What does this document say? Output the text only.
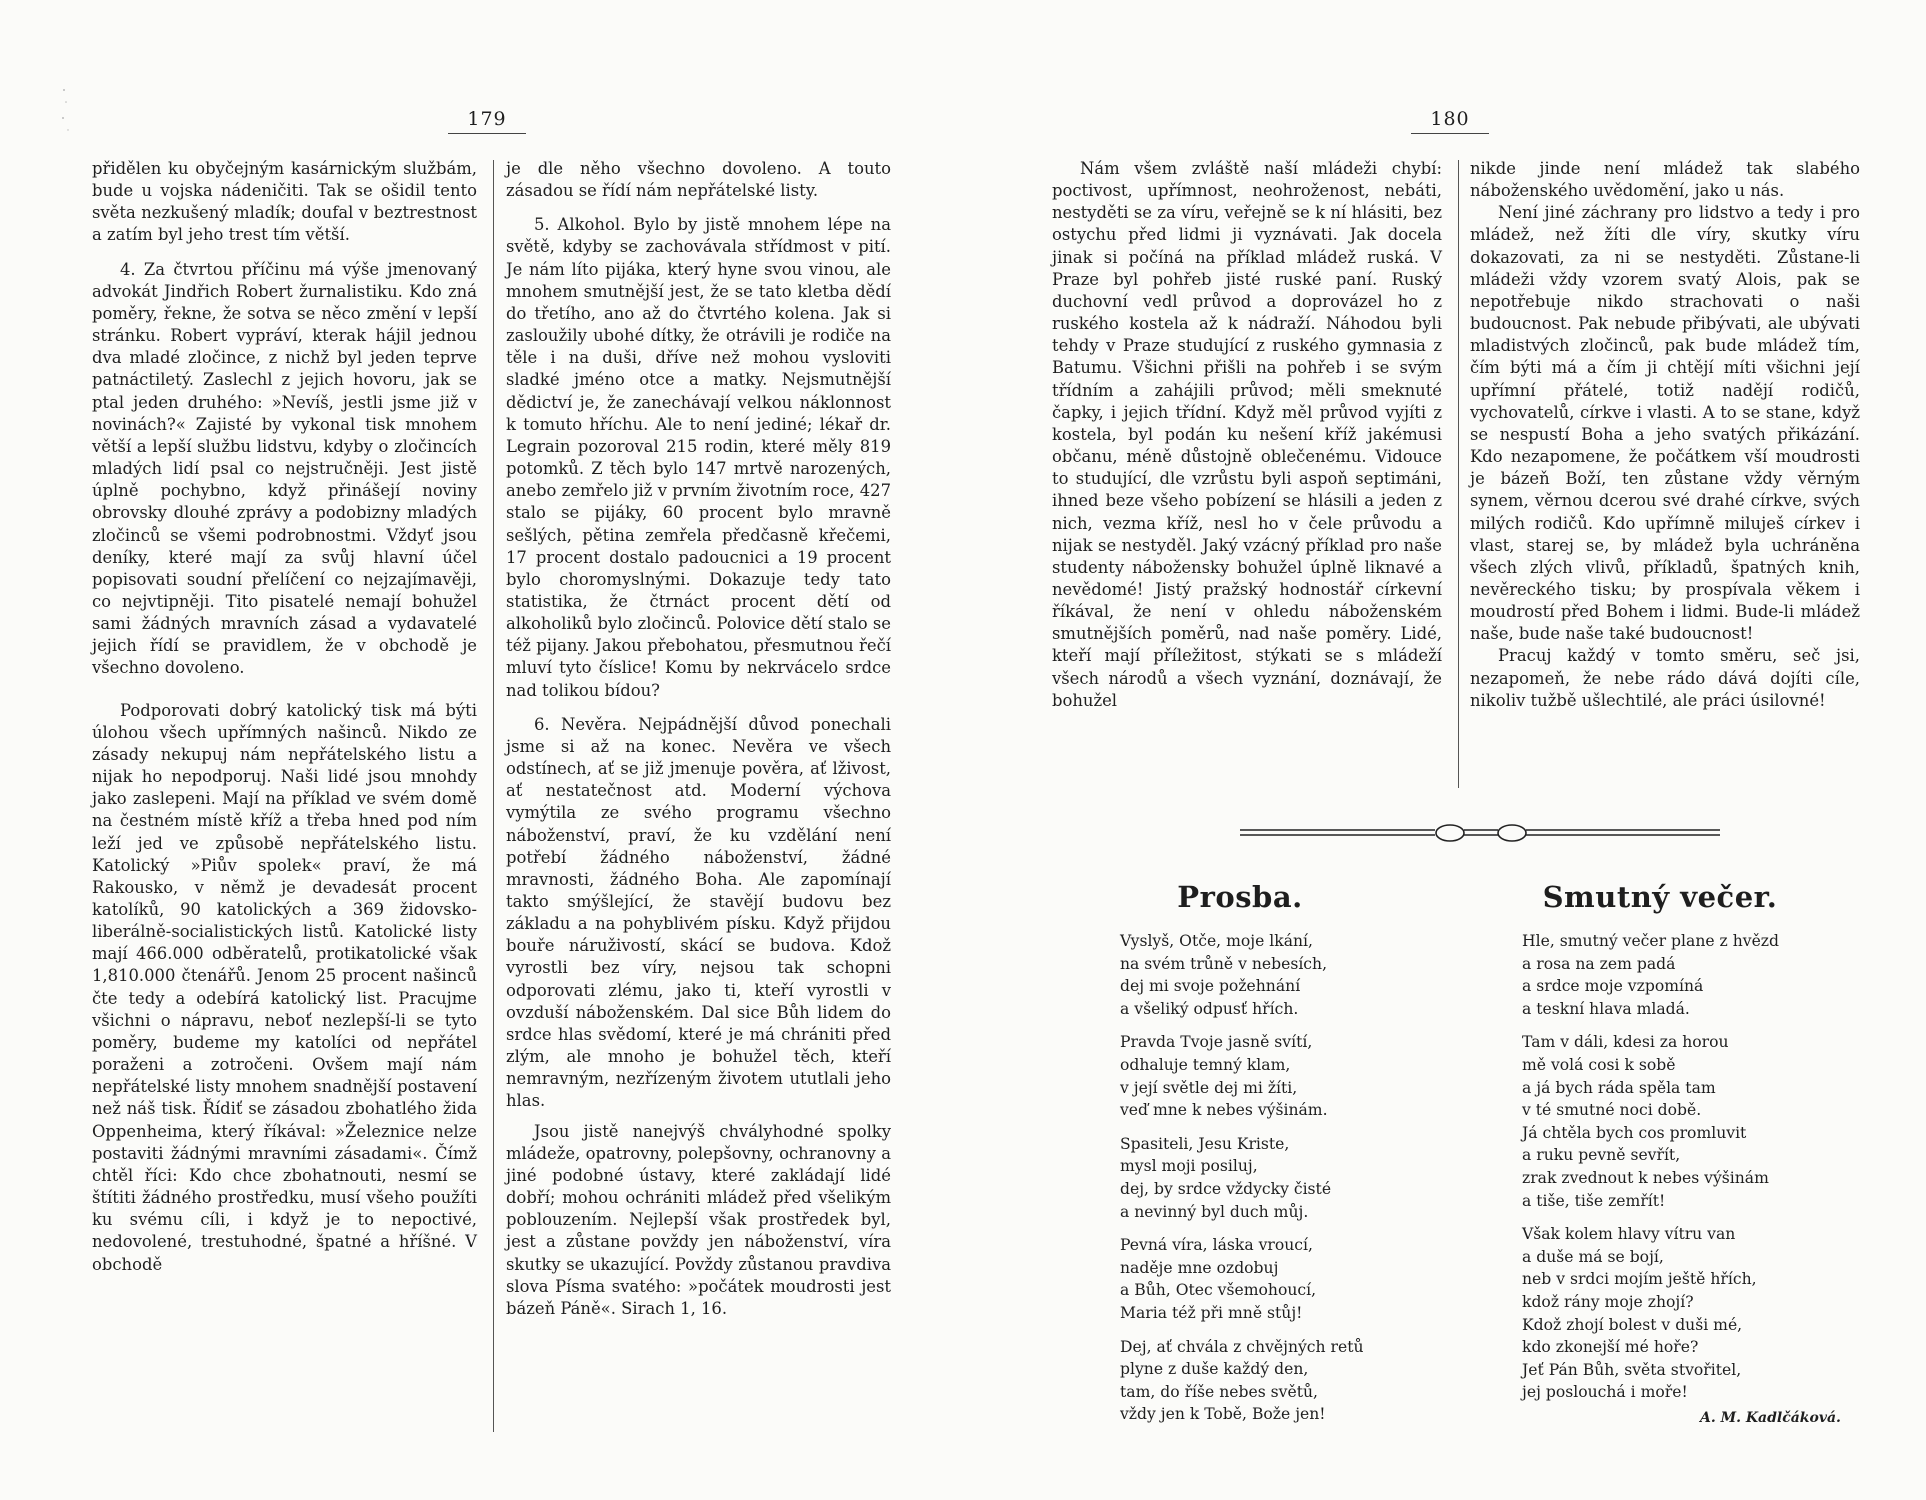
179

přidělen ku obyčejným kasárnickým službám, bude u vojska nádeničiti. Tak se ošidil tento světa nezkušený mladík; doufal v beztrestnost a zatím byl jeho trest tím větší.

4. Za čtvrtou příčinu má výše jmenovaný advokát Jindřich Robert žurnalistiku. Kdo zná poměry, řekne, že sotva se něco změní v lepší stránku. Robert vypráví, kterak hájil jednou dva mladé zločince, z nichž byl jeden teprve patnáctiletý. Zaslechl z jejich hovoru, jak se ptal jeden druhého: »Nevíš, jestli jsme již v novinách?« Zajisté by vykonal tisk mnohem větší a lepší službu lidstvu, kdyby o zločincích mladých lidí psal co nejstručněji. Jest jistě úplně pochybno, když přinášejí noviny obrovsky dlouhé zprávy a podobizny mladých zločinců se všemi podrobnostmi. Vždyť jsou deníky, které mají za svůj hlavní účel popisovati soudní přelíčení co nejzajímavěji, co nejvtipněji. Tito pisatelé nemají bohužel sami žádných mravních zásad a vydavatelé jejich řídí se pravidlem, že v obchodě je všechno dovoleno.

Podporovati dobrý katolický tisk má býti úlohou všech upřímných našinců. Nikdo ze zásady nekupuj nám nepřátelského listu a nijak ho nepodporuj. Naši lidé jsou mnohdy jako zaslepeni. Mají na příklad ve svém domě na čestném místě kříž a třeba hned pod ním leží jed ve způsobě nepřátelského listu. Katolický »Piův spolek« praví, že má Rakousko, v němž je devadesát procent katolíků, 90 katolických a 369 židovsko-liberálně-socialistických listů. Katolické listy mají 466.000 odběratelů, protikatolické však 1,810.000 čtenářů. Jenom 25 procent našinců čte tedy a odebírá katolický list. Pracujme všichni o nápravu, neboť nezlepší-li se tyto poměry, budeme my katolíci od nepřátel poraženi a zotročeni. Ovšem mají nám nepřátelské listy mnohem snadnější postavení než náš tisk. Řídiť se zásadou zbohatlého žida Oppenheima, který říkával: »Železnice nelze postaviti žádnými mravními zásadami«. Čímž chtěl říci: Kdo chce zbohatnouti, nesmí se štítiti žádného prostředku, musí všeho použíti ku svému cíli, i když je to nepoctivé, nedovolené, trestuhodné, špatné a hříšné. V obchodě

je dle něho všechno dovoleno. A touto zásadou se řídí nám nepřátelské listy.

5. Alkohol. Bylo by jistě mnohem lépe na světě, kdyby se zachovávala střídmost v pití. Je nám líto pijáka, který hyne svou vinou, ale mnohem smutnější jest, že se tato kletba dědí do třetího, ano až do čtvrtého kolena. Jak si zasloužily ubohé dítky, že otrávili je rodiče na těle i na duši, dříve než mohou vysloviti sladké jméno otce a matky. Nejsmutnější dědictví je, že zanechávají velkou náklonnost k tomuto hříchu. Ale to není jediné; lékař dr. Legrain pozoroval 215 rodin, které měly 819 potomků. Z těch bylo 147 mrtvě narozených, anebo zemřelo již v prvním životním roce, 427 stalo se pijáky, 60 procent bylo mravně sešlých, pětina zemřela předčasně křečemi, 17 procent dostalo padoucnici a 19 procent bylo choromyslnými. Dokazuje tedy tato statistika, že čtrnáct procent dětí od alkoholiků bylo zločinců. Polovice dětí stalo se též pijany. Jakou přebohatou, přesmutnou řečí mluví tyto číslice! Komu by nekrvácelo srdce nad tolikou bídou?

6. Nevěra. Nejpádnější důvod ponechali jsme si až na konec. Nevěra ve všech odstínech, ať se již jmenuje pověra, ať lživost, ať nestatečnost atd. Moderní výchova vymýtila ze svého programu všechno náboženství, praví, že ku vzdělání není potřebí žádného náboženství, žádné mravnosti, žádného Boha. Ale zapomínají takto smýšlející, že stavějí budovu bez základu a na pohyblivém písku. Když přijdou bouře náruživostí, skácí se budova. Kdož vyrostli bez víry, nejsou tak schopni odporovati zlému, jako ti, kteří vyrostli v ovzduší náboženském. Dal sice Bůh lidem do srdce hlas svědomí, které je má chrániti před zlým, ale mnoho je bohužel těch, kteří nemravným, nezřízeným životem ututlali jeho hlas.

Jsou jistě nanejvýš chvályhodné spolky mládeže, opatrovny, polepšovny, ochranovny a jiné podobné ústavy, které zakládají lidé dobří; mohou ochrániti mládež před všelikým poblouzením. Nejlepší však prostředek byl, jest a zůstane povždy jen náboženství, víra skutky se ukazující. Povždy zůstanou pravdiva slova Písma svatého: »počátek moudrosti jest bázeň Páně«. Sirach 1, 16.

180

Nám všem zvláště naší mládeži chybí: poctivost, upřímnost, neohroženost, nebáti, nestyděti se za víru, veřejně se k ní hlásiti, bez ostychu před lidmi ji vyznávati. Jak docela jinak si počíná na příklad mládež ruská. V Praze byl pohřeb jisté ruské paní. Ruský duchovní vedl průvod a doprovázel ho z ruského kostela až k nádraží. Náhodou byli tehdy v Praze studující z ruského gymnasia z Batumu. Všichni přišli na pohřeb i se svým třídním a zahájili průvod; měli smeknuté čapky, i jejich třídní. Když měl průvod vyjíti z kostela, byl podán ku nešení kříž jakémusi občanu, méně důstojně oblečenému. Vidouce to studující, dle vzrůstu byli aspoň septimáni, ihned beze všeho pobízení se hlásili a jeden z nich, vezma kříž, nesl ho v čele průvodu a nijak se nestyděl. Jaký vzácný příklad pro naše studenty nábožensky bohužel úplně liknavé a nevědomé! Jistý pražský hodnostář církevní říkával, že není v ohledu náboženském smutnějších poměrů, nad naše poměry. Lidé, kteří mají příležitost, stýkati se s mládeží všech národů a všech vyznání, doznávají, že bohužel

nikde jinde není mládež tak slabého náboženského uvědomění, jako u nás.

Není jiné záchrany pro lidstvo a tedy i pro mládež, než žíti dle víry, skutky víru dokazovati, za ni se nestyděti. Zůstane-li mládeži vždy vzorem svatý Alois, pak se nepotřebuje nikdo strachovati o naši budoucnost. Pak nebude přibývati, ale ubývati mladistvých zločinců, pak bude mládež tím, čím býti má a čím ji chtějí míti všichni její upřímní přátelé, totiž nadějí rodičů, vychovatelů, církve i vlasti. A to se stane, když se nespustí Boha a jeho svatých přikázání. Kdo nezapomene, že počátkem vší moudrosti je bázeň Boží, ten zůstane vždy věrným synem, věrnou dcerou své drahé církve, svých milých rodičů. Kdo upřímně miluješ církev i vlast, starej se, by mládež byla uchráněna všech zlých vlivů, příkladů, špatných knih, nevěreckého tisku; by prospívala věkem i moudrostí před Bohem i lidmi. Bude-li mládež naše, bude naše také budoucnost!

Pracuj každý v tomto směru, seč jsi, nezapomeň, že nebe rádo dává dojíti cíle, nikoliv tužbě ušlechtilé, ale práci úsilovné!

Prosba.
Vyslyš, Otče, moje lkání,
na svém trůně v nebesích,
dej mi svoje požehnání
a všeliký odpusť hřích.
Pravda Tvoje jasně svítí,
odhaluje temný klam,
v její světle dej mi žíti,
veď mne k nebes výšinám.
Spasiteli, Jesu Kriste,
mysl moji posiluj,
dej, by srdce vždycky čisté
a nevinný byl duch můj.
Pevná víra, láska vroucí,
naděje mne ozdobuj
a Bůh, Otec všemohoucí,
Maria též při mně stůj!
Dej, ať chvála z chvějných retů
plyne z duše každý den,
tam, do říše nebes světů,
vždy jen k Tobě, Bože jen!
Smutný večer.
Hle, smutný večer plane z hvězd
a rosa na zem padá
a srdce moje vzpomíná
a teskní hlava mladá.
Tam v dáli, kdesi za horou
mě volá cosi k sobě
a já bych ráda spěla tam
v té smutné noci době.
Já chtěla bych cos promluvit
a ruku pevně sevřít,
zrak zvednout k nebes výšinám
a tiše, tiše zemřít!
Však kolem hlavy vítru van
a duše má se bojí,
neb v srdci mojím ještě hřích,
kdož rány moje zhojí?
Kdož zhojí bolest v duši mé,
kdo zkonejší mé hoře?
Jeť Pán Bůh, světa stvořitel,
jej poslouchá i moře!
A. M. Kadlčáková.
